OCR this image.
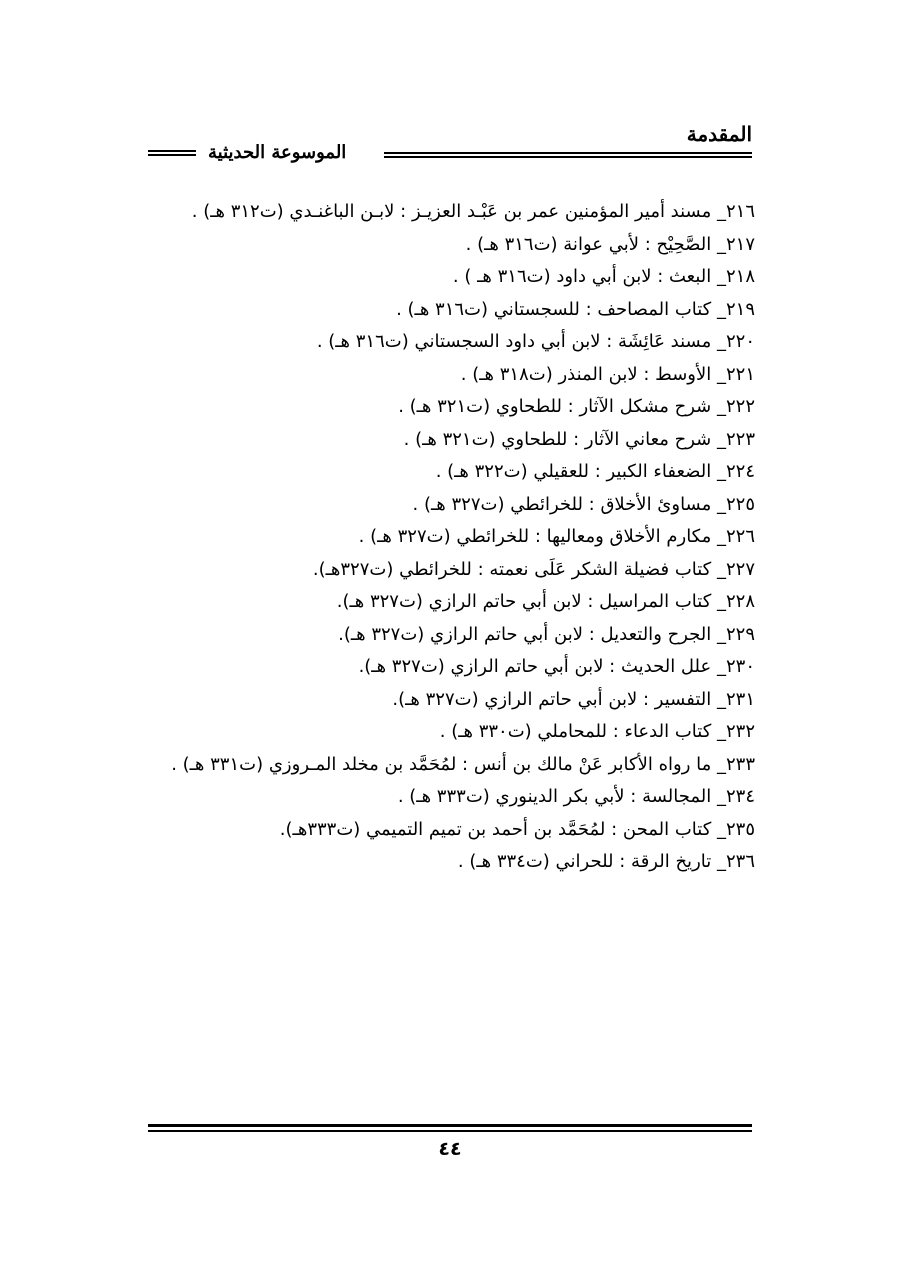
الموسوعة الحديثية
المقدمة
٢١٦_ مسند أمير المؤمنين عمر بن عَبْـد العزيـز : لابـن الباغنـدي (ت٣١٢ هـ) .
٢١٧_ الصَّحِيْح : لأبي عوانة (ت٣١٦ هـ) .
٢١٨_ البعث : لابن أبي داود (ت٣١٦ هـ ) .
٢١٩_ كتاب المصاحف : للسجستاني (ت٣١٦ هـ) .
٢٢٠_ مسند عَائِشَة : لابن أبي داود السجستاني (ت٣١٦ هـ) .
٢٢١_ الأوسط : لابن المنذر (ت٣١٨ هـ) .
٢٢٢_ شرح مشكل الآثار : للطحاوي (ت٣٢١ هـ) .
٢٢٣_ شرح معاني الآثار : للطحاوي (ت٣٢١ هـ) .
٢٢٤_ الضعفاء الكبير : للعقيلي (ت٣٢٢ هـ) .
٢٢٥_ مساوئ الأخلاق : للخرائطي (ت٣٢٧ هـ) .
٢٢٦_ مكارم الأخلاق ومعاليها : للخرائطي (ت٣٢٧ هـ) .
٢٢٧_ كتاب فضيلة الشكر عَلَى نعمته : للخرائطي (ت٣٢٧هـ).
٢٢٨_ كتاب المراسيل : لابن أبي حاتم الرازي (ت٣٢٧ هـ).
٢٢٩_ الجرح والتعديل : لابن أبي حاتم الرازي (ت٣٢٧ هـ).
٢٣٠_ علل الحديث : لابن أبي حاتم الرازي (ت٣٢٧ هـ).
٢٣١_ التفسير : لابن أبي حاتم الرازي (ت٣٢٧ هـ).
٢٣٢_ كتاب الدعاء : للمحاملي (ت٣٣٠ هـ) .
٢٣٣_ ما رواه الأكابر عَنْ مالك بن أنس : لمُحَمَّد بن مخلد المـروزي (ت٣٣١ هـ) .
٢٣٤_ المجالسة : لأبي بكر الدينوري (ت٣٣٣ هـ) .
٢٣٥_ كتاب المحن : لمُحَمَّد بن أحمد بن تميم التميمي (ت٣٣٣هـ).
٢٣٦_ تاريخ الرقة : للحراني (ت٣٣٤ هـ) .
٤٤
